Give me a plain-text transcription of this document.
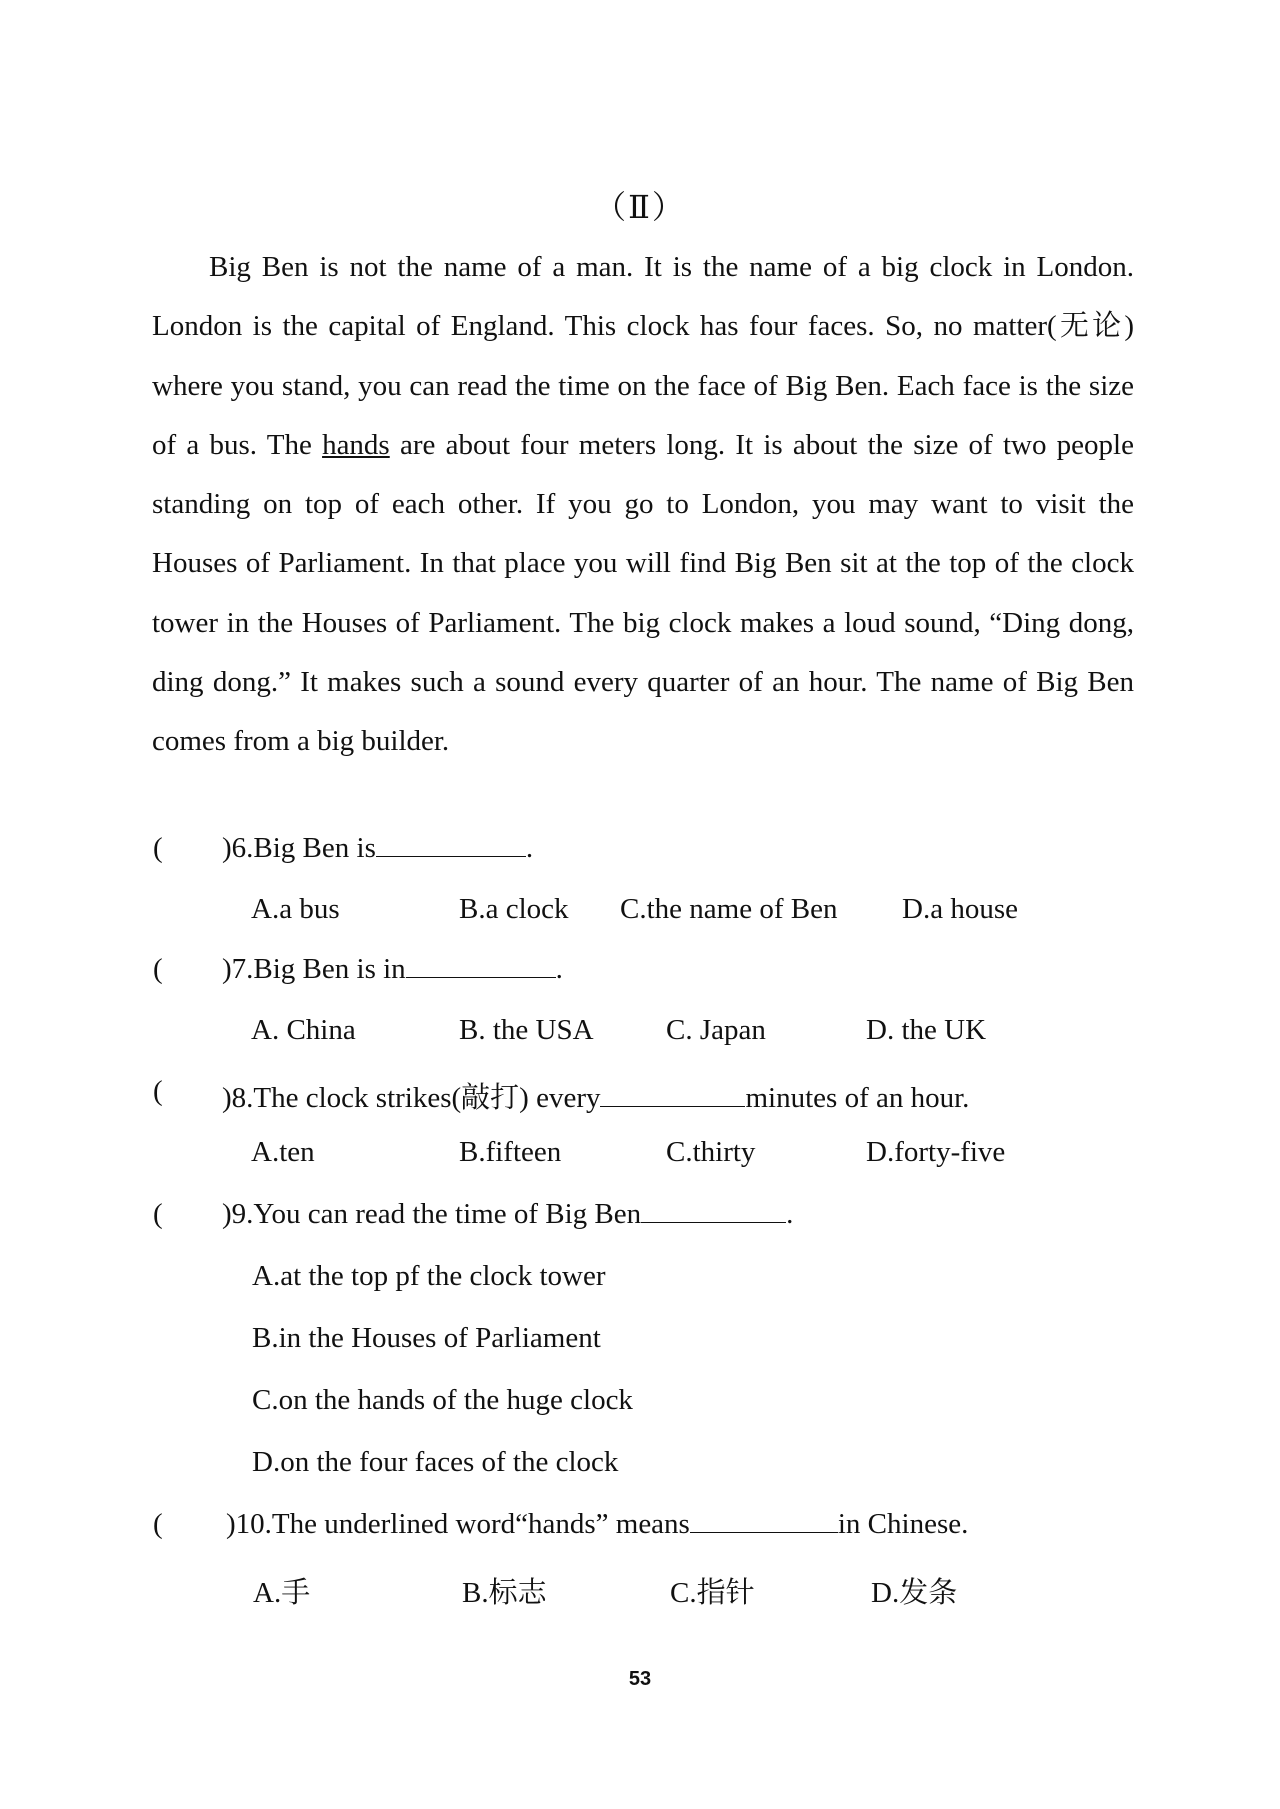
（Ⅱ）

Big Ben is not the name of a man. It is the name of a big clock in London. London is the capital of England. This clock has four faces. So, no matter(无论) where you stand, you can read the time on the face of Big Ben. Each face is the size of a bus. The hands are about four meters long. It is about the size of two people standing on top of each other. If you go to London, you may want to visit the Houses of Parliament. In that place you will find Big Ben sit at the top of the clock tower in the Houses of Parliament. The big clock makes a loud sound, “Ding dong, ding dong.” It makes such a sound every quarter of an hour. The name of Big Ben comes from a big builder.

( )6.Big Ben is	.
A.a bus	B.a clock C.the name of Ben D.a house
( )7.Big Ben is in	.
A. China	B. the USA C. Japan	D. the UK
( )8.The clock strikes(敲打) every	minutes of an hour.
A.ten	B.fifteen	C.thirty	D.forty-five
( )9.You can read the time of Big Ben	.
A.at the top pf the clock tower
B.in the Houses of Parliament
C.on the hands of the huge clock
D.on the four faces of the clock
( )10.The underlined word“hands” means	in Chinese.
A.手	B.标志	C.指针	D.发条
53
